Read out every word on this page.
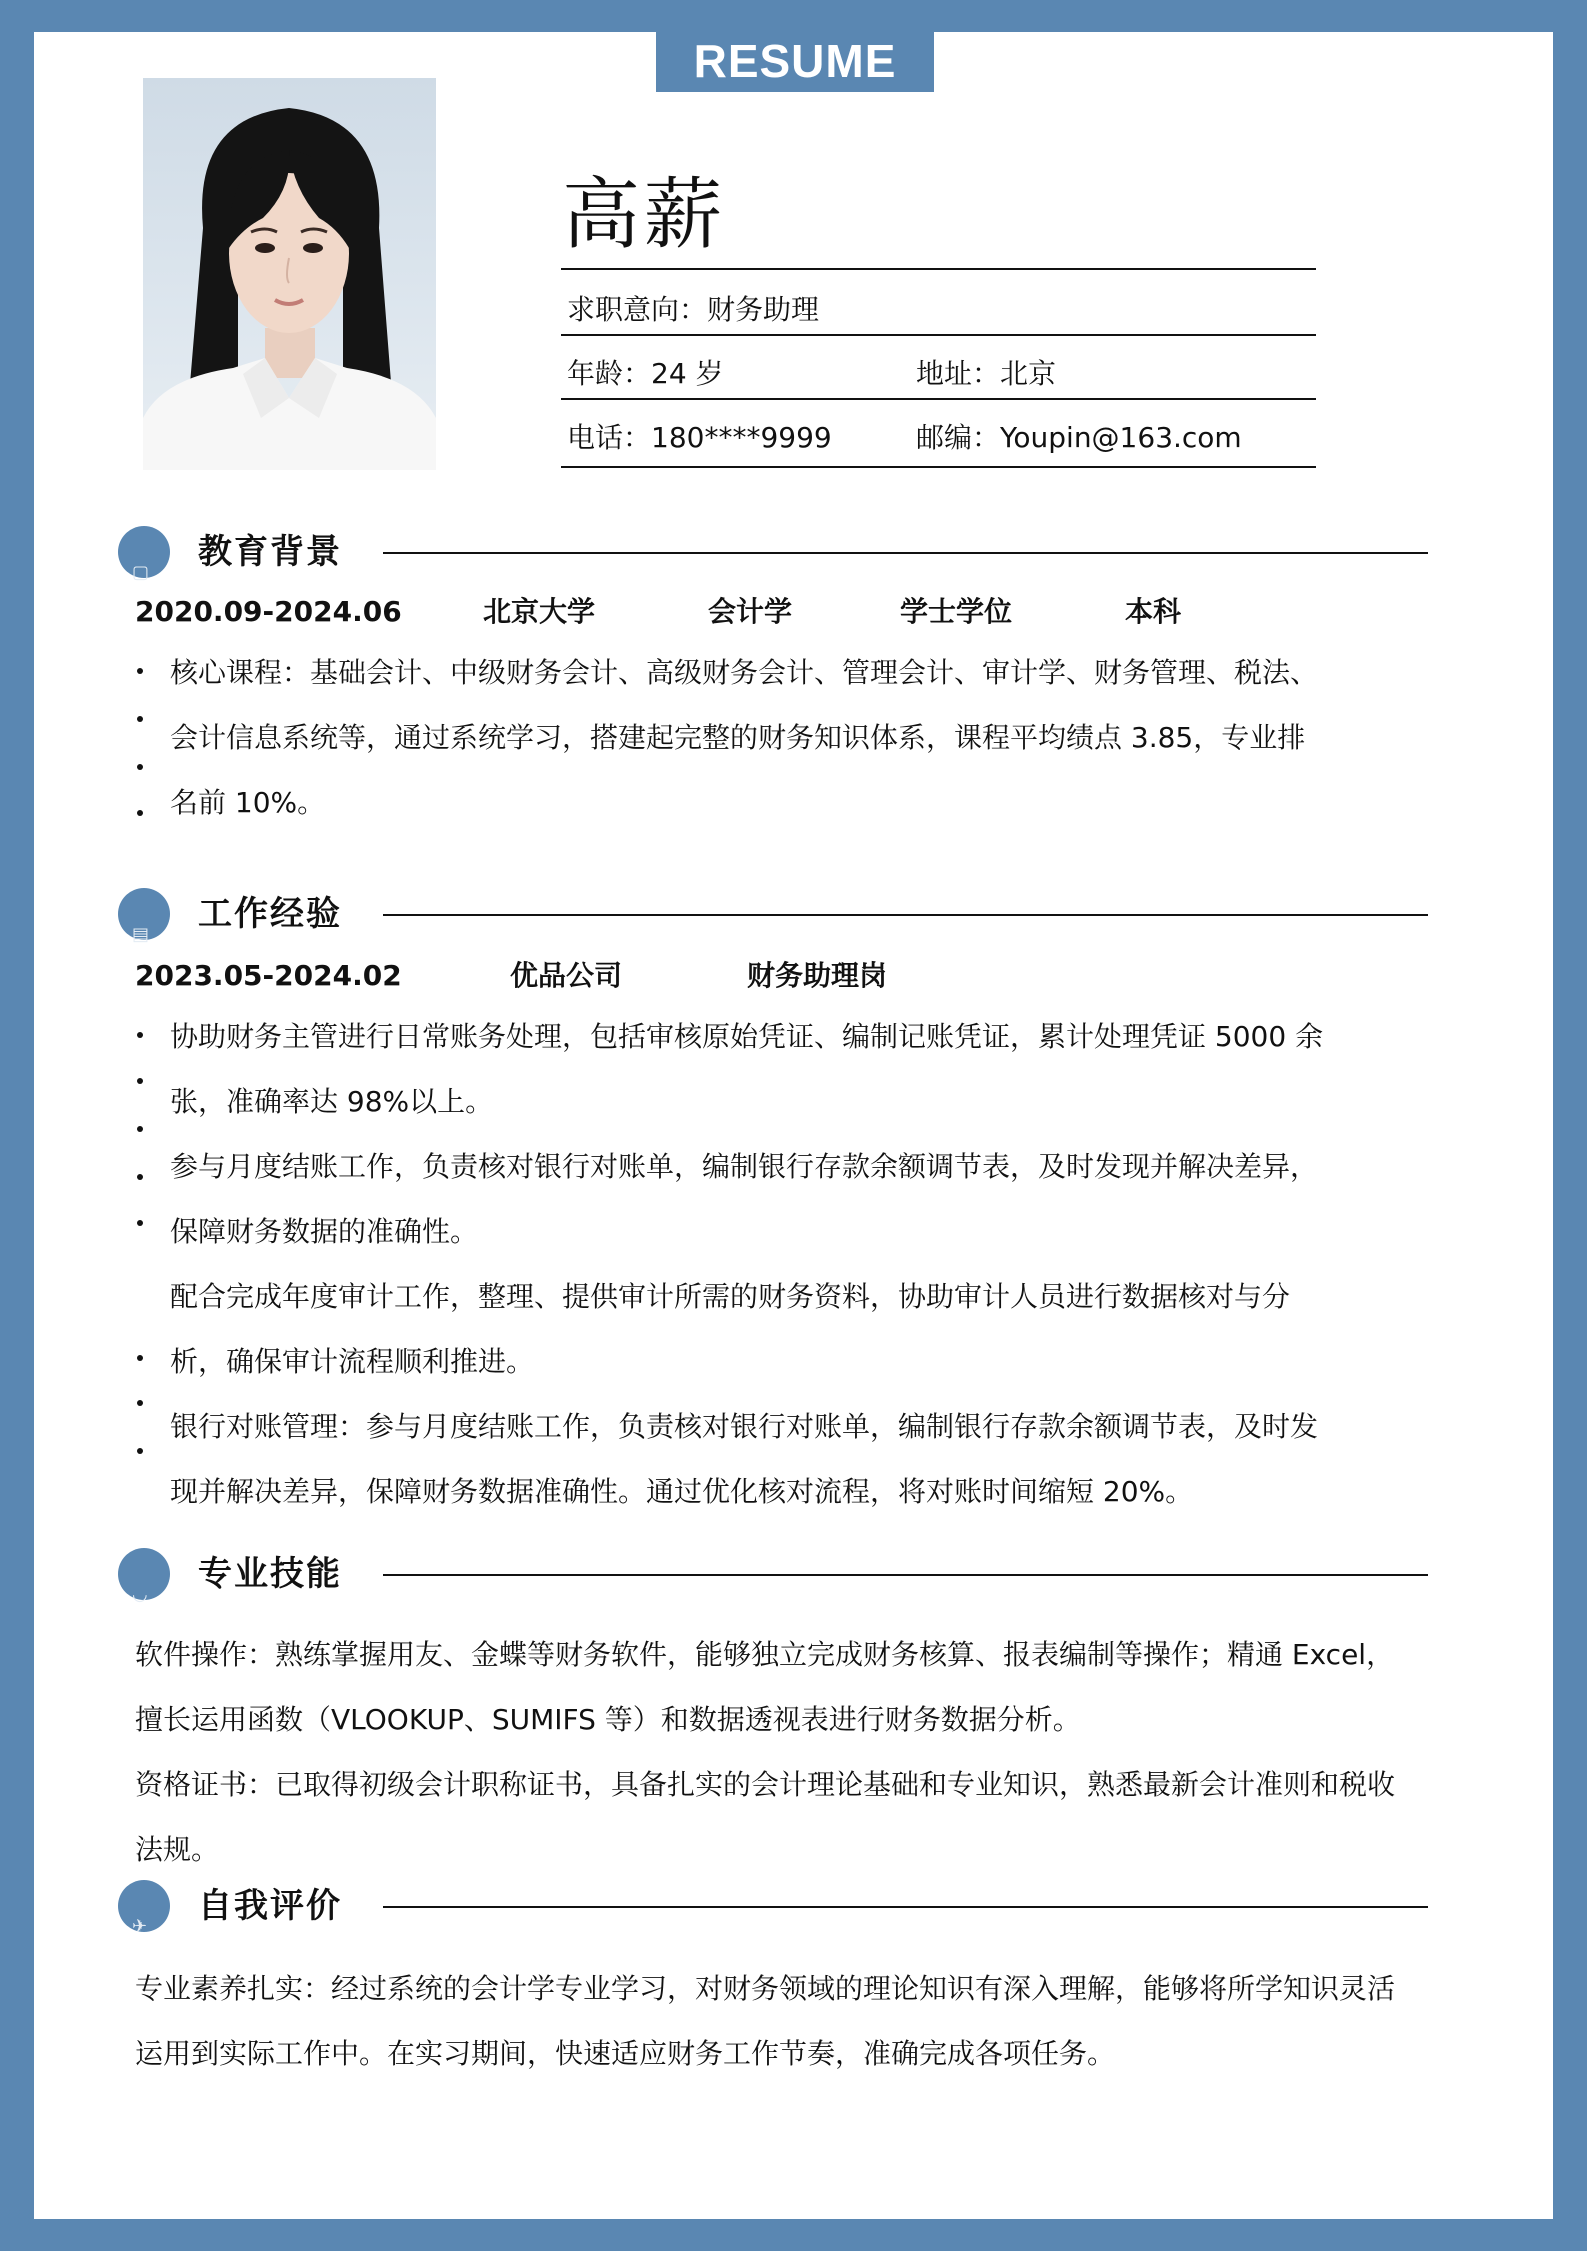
RESUME
高薪
求职意向：财务助理
年龄：24 岁	地址：北京
电话：180****9999	邮编：Youpin@163.com
▢
教育背景
2020.09-2024.06	北京大学	会计学	学士学位	本科
核心课程：基础会计、中级财务会计、高级财务会计、管理会计、审计学、财务管理、税法、会计信息系统等，通过系统学习，搭建起完整的财务知识体系，课程平均绩点 3.85，专业排名前 10%。
▤
工作经验
2023.05-2024.02	优品公司	财务助理岗
协助财务主管进行日常账务处理，包括审核原始凭证、编制记账凭证，累计处理凭证 5000 余张，准确率达 98%以上。
参与月度结账工作，负责核对银行对账单，编制银行存款余额调节表，及时发现并解决差异，保障财务数据的准确性。
配合完成年度审计工作，整理、提供审计所需的财务资料，协助审计人员进行数据核对与分析，确保审计流程顺利推进。
银行对账管理：参与月度结账工作，负责核对银行对账单，编制银行存款余额调节表，及时发现并解决差异，保障财务数据准确性。通过优化核对流程，将对账时间缩短 20%。
◡
专业技能
软件操作：熟练掌握用友、金蝶等财务软件，能够独立完成财务核算、报表编制等操作；精通 Excel，擅长运用函数（VLOOKUP、SUMIFS 等）和数据透视表进行财务数据分析。
资格证书：已取得初级会计职称证书，具备扎实的会计理论基础和专业知识，熟悉最新会计准则和税收法规。
✈
自我评价
专业素养扎实：经过系统的会计学专业学习，对财务领域的理论知识有深入理解，能够将所学知识灵活运用到实际工作中。在实习期间，快速适应财务工作节奏，准确完成各项任务。
